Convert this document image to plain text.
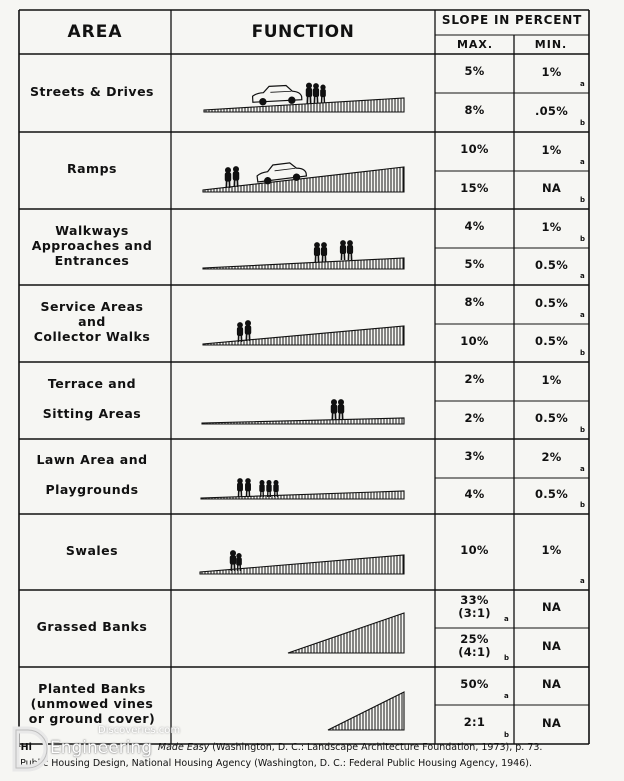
AREA	FUNCTION
SLOPE IN PERCENT
MAX.	MIN.
Streets & Drives
5%	1%
a
8%	.05%
b
Ramps
10%	1%
a
15%	NA
b
Walkways
Approaches and
Entrances
4%	1%
b
5%	0.5%
a
Service Areas
and
Collector Walks
8%	0.5%
a
10%	0.5%
b
Terrace and

Sitting Areas
2%	1%
2%	0.5%
b
Lawn Area and

Playgrounds
3%	2%
a
4%	0.5%
b
Swales	10%	1%
a
Grassed Banks
33%
(3:1)	NA
a
25%
(4:1)	NA
b
Planted Banks
(unmowed vines
or ground cover)
50%	NA
a
2:1	NA
b
ᴬHi	Made Easy (Washington, D. C.: Landscape Architecture Foundation, 1973), p. 73.
ᵇPublic Housing Design, National Housing Agency (Washington, D. C.: Federal Public Housing Agency, 1946).
Engineering
Discoveries.com
